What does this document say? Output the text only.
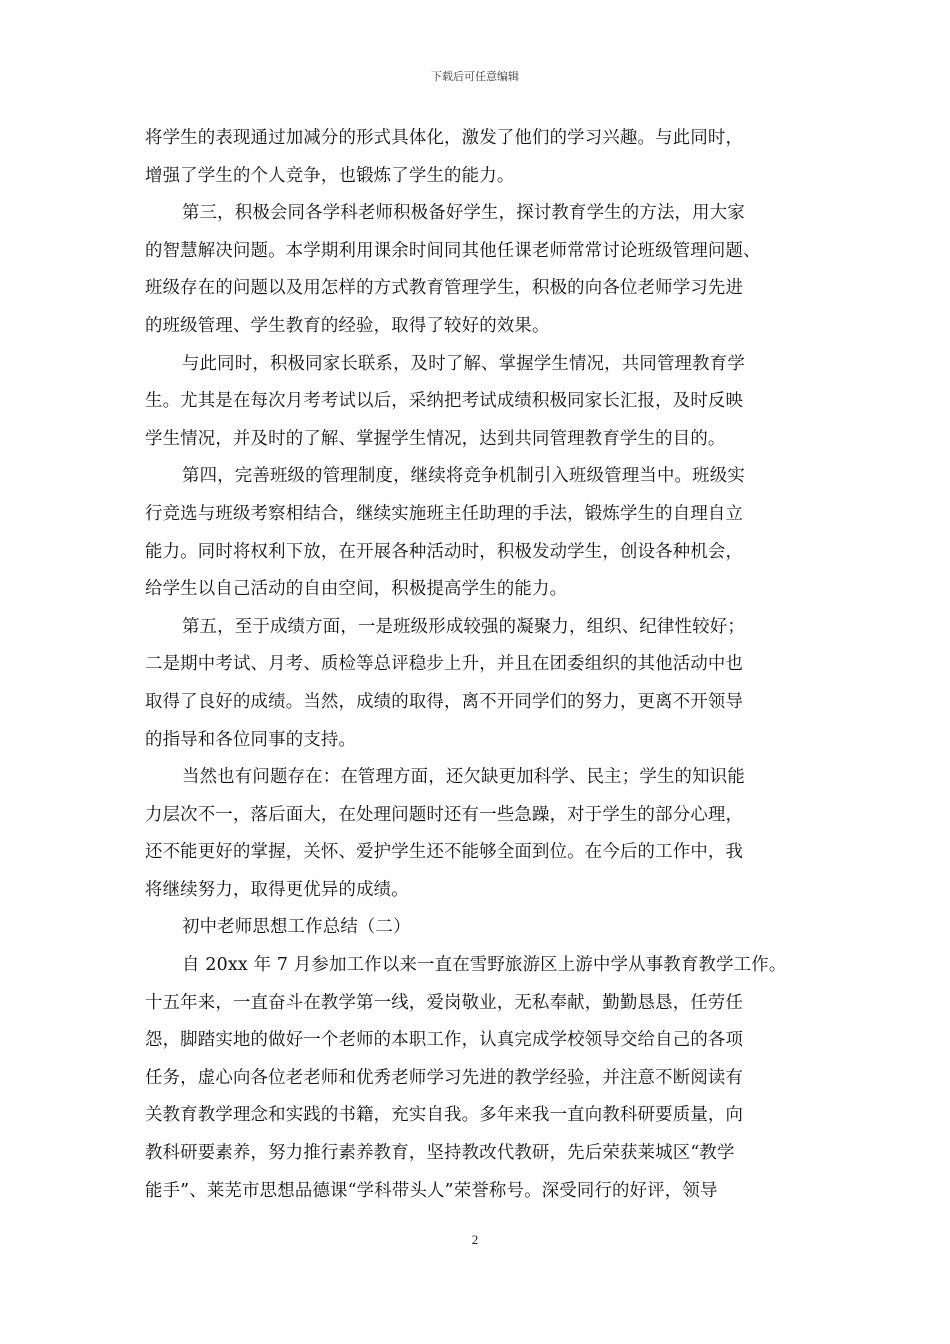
下载后可任意编辑
将学生的表现通过加减分的形式具体化，激发了他们的学习兴趣。与此同时，
增强了学生的个人竞争，也锻炼了学生的能力。
第三，积极会同各学科老师积极备好学生，探讨教育学生的方法，用大家
的智慧解决问题。本学期利用课余时间同其他任课老师常常讨论班级管理问题、
班级存在的问题以及用怎样的方式教育管理学生，积极的向各位老师学习先进
的班级管理、学生教育的经验，取得了较好的效果。
与此同时，积极同家长联系，及时了解、掌握学生情况，共同管理教育学
生。尤其是在每次月考考试以后，采纳把考试成绩积极同家长汇报，及时反映
学生情况，并及时的了解、掌握学生情况，达到共同管理教育学生的目的。
第四，完善班级的管理制度，继续将竞争机制引入班级管理当中。班级实
行竞选与班级考察相结合，继续实施班主任助理的手法，锻炼学生的自理自立
能力。同时将权利下放，在开展各种活动时，积极发动学生，创设各种机会，
给学生以自己活动的自由空间，积极提高学生的能力。
第五，至于成绩方面，一是班级形成较强的凝聚力，组织、纪律性较好；
二是期中考试、月考、质检等总评稳步上升，并且在团委组织的其他活动中也
取得了良好的成绩。当然，成绩的取得，离不开同学们的努力，更离不开领导
的指导和各位同事的支持。
当然也有问题存在：在管理方面，还欠缺更加科学、民主；学生的知识能
力层次不一，落后面大，在处理问题时还有一些急躁，对于学生的部分心理，
还不能更好的掌握，关怀、爱护学生还不能够全面到位。在今后的工作中，我
将继续努力，取得更优异的成绩。
初中老师思想工作总结（二）
自 20xx 年 7 月参加工作以来一直在雪野旅游区上游中学从事教育教学工作。
十五年来，一直奋斗在教学第一线，爱岗敬业，无私奉献，勤勤恳恳，任劳任
怨，脚踏实地的做好一个老师的本职工作，认真完成学校领导交给自己的各项
任务，虚心向各位老老师和优秀老师学习先进的教学经验，并注意不断阅读有
关教育教学理念和实践的书籍，充实自我。多年来我一直向教科研要质量，向
教科研要素养，努力推行素养教育，坚持教改代教研，先后荣获莱城区“教学
能手”、莱芜市思想品德课“学科带头人”荣誉称号。深受同行的好评，领导
2
